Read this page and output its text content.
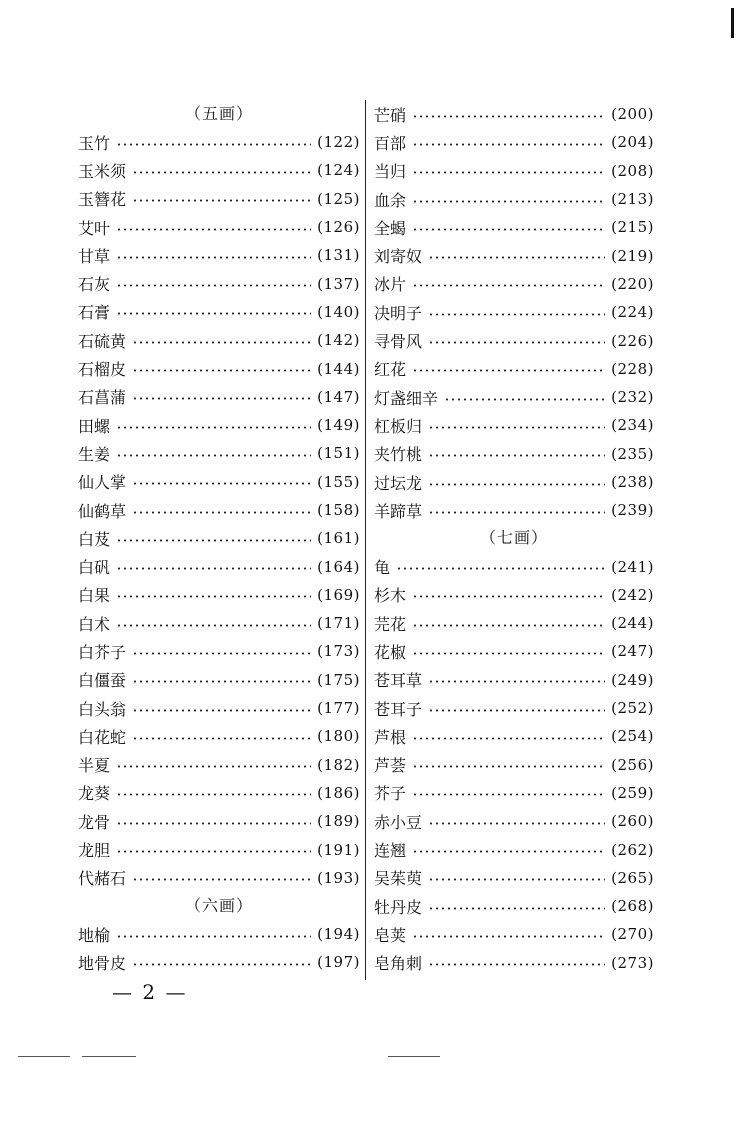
（五画）
玉竹	(122)
玉米须	(124)
玉簪花	(125)
艾叶	(126)
甘草	(131)
石灰	(137)
石膏	(140)
石硫黄	(142)
石榴皮	(144)
石菖蒲	(147)
田螺	(149)
生姜	(151)
仙人掌	(155)
仙鹤草	(158)
白芨	(161)
白矾	(164)
白果	(169)
白术	(171)
白芥子	(173)
白僵蚕	(175)
白头翁	(177)
白花蛇	(180)
半夏	(182)
龙葵	(186)
龙骨	(189)
龙胆	(191)
代赭石	(193)
（六画）
地榆	(194)
地骨皮	(197)
芒硝	(200)
百部	(204)
当归	(208)
血余	(213)
全蝎	(215)
刘寄奴	(219)
冰片	(220)
决明子	(224)
寻骨风	(226)
红花	(228)
灯盏细辛	(232)
杠板归	(234)
夹竹桃	(235)
过坛龙	(238)
羊蹄草	(239)
（七画）
龟	(241)
杉木	(242)
芫花	(244)
花椒	(247)
苍耳草	(249)
苍耳子	(252)
芦根	(254)
芦荟	(256)
芥子	(259)
赤小豆	(260)
连翘	(262)
吴茱萸	(265)
牡丹皮	(268)
皂荚	(270)
皂角刺	(273)
— 2 —
